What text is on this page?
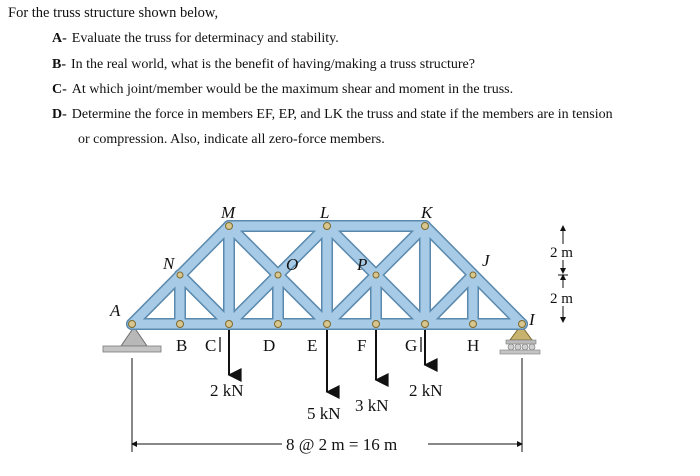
For the truss structure shown below,
A- Evaluate the truss for determinacy and stability.
B- In the real world, what is the benefit of having/making a truss structure?
C- At which joint/member would be the maximum shear and moment in the truss.
D- Determine the force in members EF, EP, and LK the truss and state if the members are in tension
or compression. Also, indicate all zero-force members.
M	L	K
N	O	P	J
A	I
B C	D E F G	H
2 kN
5 kN 3 kN
2 kN
2 m
2 m
8 @ 2 m = 16 m
